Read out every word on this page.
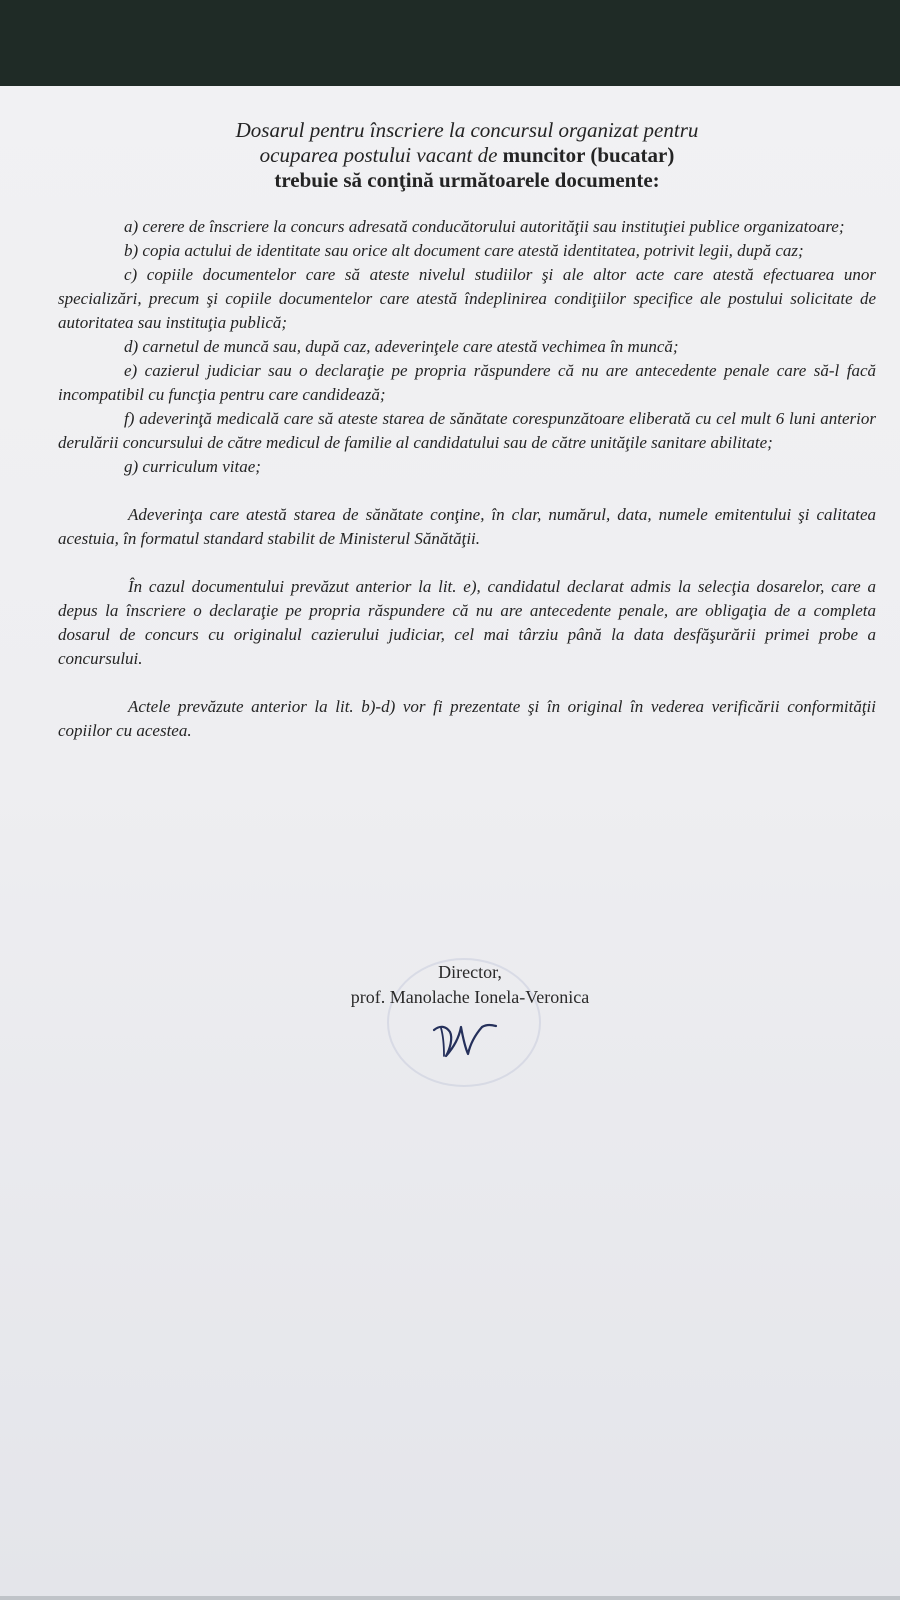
Dosarul pentru înscriere la concursul organizat pentru
ocuparea postului vacant de muncitor (bucatar)
trebuie să conţină următoarele documente:

a) cerere de înscriere la concurs adresată conducătorului autorităţii sau instituţiei publice organizatoare;

b) copia actului de identitate sau orice alt document care atestă identitatea, potrivit legii, după caz;

c) copiile documentelor care să ateste nivelul studiilor şi ale altor acte care atestă efectuarea unor specializări, precum şi copiile documentelor care atestă îndeplinirea condiţiilor specifice ale postului solicitate de autoritatea sau instituţia publică;

d) carnetul de muncă sau, după caz, adeverinţele care atestă vechimea în muncă;

e) cazierul judiciar sau o declaraţie pe propria răspundere că nu are antecedente penale care să-l facă incompatibil cu funcţia pentru care candidează;

f) adeverinţă medicală care să ateste starea de sănătate corespunzătoare eliberată cu cel mult 6 luni anterior derulării concursului de către medicul de familie al candidatului sau de către unităţile sanitare abilitate;

g) curriculum vitae;

Adeverinţa care atestă starea de sănătate conţine, în clar, numărul, data, numele emitentului şi calitatea acestuia, în formatul standard stabilit de Ministerul Sănătăţii.

În cazul documentului prevăzut anterior la lit. e), candidatul declarat admis la selecţia dosarelor, care a depus la înscriere o declaraţie pe propria răspundere că nu are antecedente penale, are obligaţia de a completa dosarul de concurs cu originalul cazierului judiciar, cel mai târziu până la data desfăşurării primei probe a concursului.

Actele prevăzute anterior la lit. b)-d) vor fi prezentate şi în original în vederea verificării conformităţii copiilor cu acestea.

Director,
prof. Manolache Ionela-Veronica
